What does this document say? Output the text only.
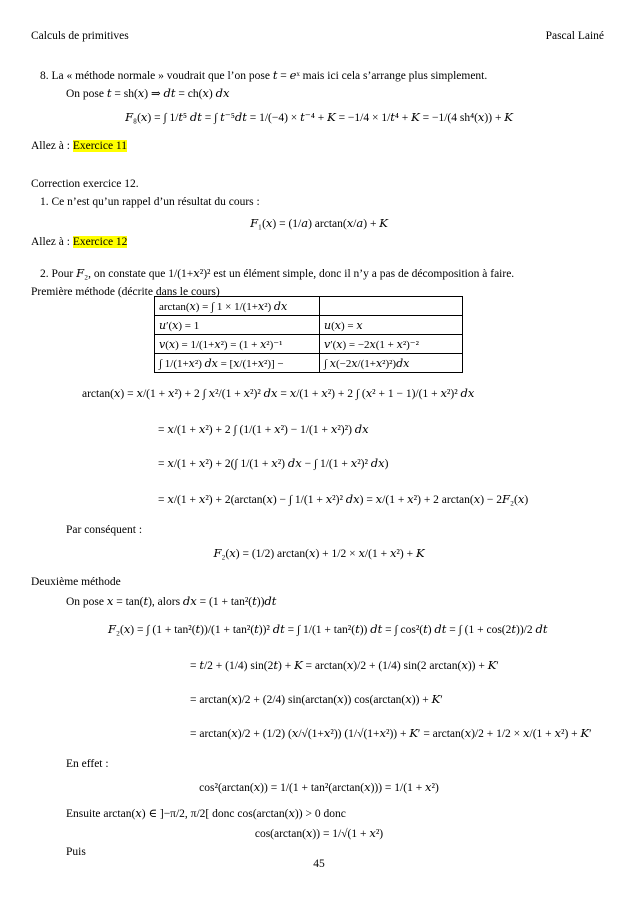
Calculs de primitives	Pascal Lainé
8. La « méthode normale » voudrait que l’on pose 𝑡 = 𝑒ˣ mais ici cela s’arrange plus simplement.
On pose 𝑡 = sh(𝑥) ⇒ 𝑑𝑡 = ch(𝑥) 𝑑𝑥
𝐹₈(𝑥) = ∫ 1/𝑡⁵ 𝑑𝑡 = ∫ 𝑡⁻⁵𝑑𝑡 = 1/(−4) × 𝑡⁻⁴ + 𝐾 = −1/4 × 1/𝑡⁴ + 𝐾 = −1/(4 sh⁴(𝑥)) + 𝐾
Allez à : Exercice 11
Correction exercice 12.
1. Ce n’est qu’un rappel d’un résultat du cours :
𝐹₁(𝑥) = (1/𝑎) arctan(𝑥/𝑎) + 𝐾
Allez à : Exercice 12
2. Pour 𝐹₂, on constate que 1/(1+𝑥²)² est un élément simple, donc il n’y a pas de décomposition à faire.
Première méthode (décrite dans le cours)
arctan(𝑥) = ∫ 1 × 1/(1+𝑥²) 𝑑𝑥	
𝑢′(𝑥) = 1	𝑢(𝑥) = 𝑥
𝑣(𝑥) = 1/(1+𝑥²) = (1 + 𝑥²)⁻¹	𝑣′(𝑥) = −2𝑥(1 + 𝑥²)⁻²
∫ 1/(1+𝑥²) 𝑑𝑥 = [𝑥/(1+𝑥²)] −	∫ 𝑥(−2𝑥/(1+𝑥²)²)𝑑𝑥
arctan(𝑥) = 𝑥/(1 + 𝑥²) + 2 ∫ 𝑥²/(1 + 𝑥²)² 𝑑𝑥 = 𝑥/(1 + 𝑥²) + 2 ∫ (𝑥² + 1 − 1)/(1 + 𝑥²)² 𝑑𝑥
= 𝑥/(1 + 𝑥²) + 2 ∫ (1/(1 + 𝑥²) − 1/(1 + 𝑥²)²) 𝑑𝑥
= 𝑥/(1 + 𝑥²) + 2(∫ 1/(1 + 𝑥²) 𝑑𝑥 − ∫ 1/(1 + 𝑥²)² 𝑑𝑥)
= 𝑥/(1 + 𝑥²) + 2(arctan(𝑥) − ∫ 1/(1 + 𝑥²)² 𝑑𝑥) = 𝑥/(1 + 𝑥²) + 2 arctan(𝑥) − 2𝐹₂(𝑥)
Par conséquent :
𝐹₂(𝑥) = (1/2) arctan(𝑥) + 1/2 × 𝑥/(1 + 𝑥²) + 𝐾
Deuxième méthode
On pose 𝑥 = tan(𝑡), alors 𝑑𝑥 = (1 + tan²(𝑡))𝑑𝑡
𝐹₂(𝑥) = ∫ (1 + tan²(𝑡))/(1 + tan²(𝑡))² 𝑑𝑡 = ∫ 1/(1 + tan²(𝑡)) 𝑑𝑡 = ∫ cos²(𝑡) 𝑑𝑡 = ∫ (1 + cos(2𝑡))/2 𝑑𝑡
= 𝑡/2 + (1/4) sin(2𝑡) + 𝐾 = arctan(𝑥)/2 + (1/4) sin(2 arctan(𝑥)) + 𝐾′
= arctan(𝑥)/2 + (2/4) sin(arctan(𝑥)) cos(arctan(𝑥)) + 𝐾′
= arctan(𝑥)/2 + (1/2) (𝑥/√(1+𝑥²)) (1/√(1+𝑥²)) + 𝐾′ = arctan(𝑥)/2 + 1/2 × 𝑥/(1 + 𝑥²) + 𝐾′
En effet :
cos²(arctan(𝑥)) = 1/(1 + tan²(arctan(𝑥))) = 1/(1 + 𝑥²)
Ensuite arctan(𝑥) ∈ ]−π/2, π/2[ donc cos(arctan(𝑥)) > 0 donc
cos(arctan(𝑥)) = 1/√(1 + 𝑥²)
Puis
45
